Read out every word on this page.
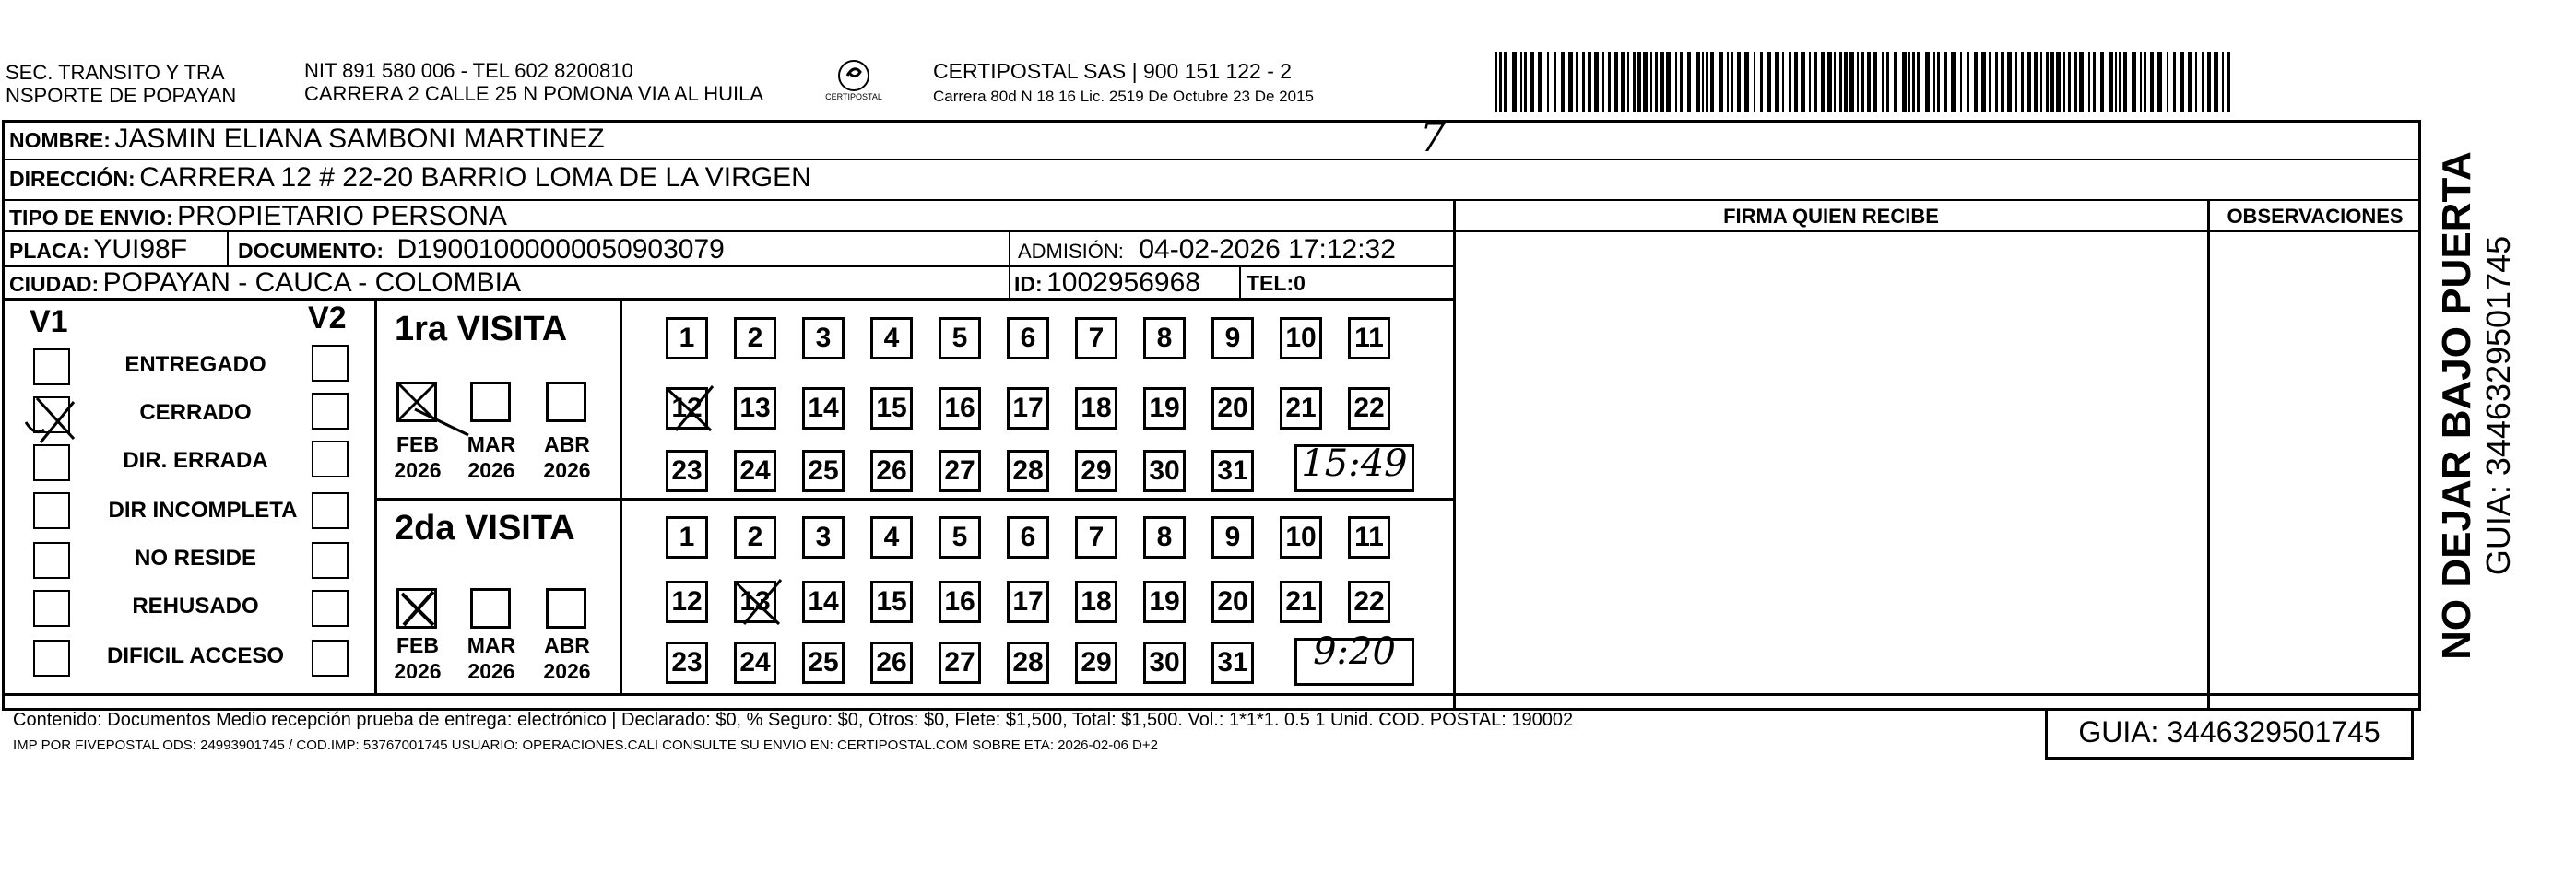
SEC. TRANSITO Y TRA
NSPORTE DE POPAYAN
NIT 891 580 006 - TEL 602 8200810
CARRERA 2 CALLE 25 N POMONA VIA AL HUILA	CERTIPOSTAL
CERTIPOSTAL SAS | 900 151 122 - 2
Carrera 80d N 18 16 Lic. 2519 De Octubre 23 De 2015
NOMBRE: JASMIN ELIANA SAMBONI MARTINEZ	7
DIRECCIÓN: CARRERA 12 # 22-20 BARRIO LOMA DE LA VIRGEN
TIPO DE ENVIO: PROPIETARIO PERSONA	FIRMA QUIEN RECIBE	OBSERVACIONES
PLACA: YUI98F DOCUMENTO: D19001000000050903079	ADMISIÓN: 04-02-2026 17:12:32
CIUDAD: POPAYAN - CAUCA - COLOMBIA	ID: 1002956968 TEL:0
V1	V2
ENTREGADO
CERRADO
DIR. ERRADA
DIR INCOMPLETA
NO RESIDE
REHUSADO
DIFICIL ACCESO
1ra VISITA
FEB
2026
MAR
2026
ABR
2026
1	2	3	4	5	6	7	8	9	10 11
12 13 14 15 16 17 18 19 20 21 22
23 24 25 26 27 28 29 30 31 15:49
2da VISITA
FEB
2026
MAR
2026
ABR
2026
1	2	3	4	5	6	7	8	9	10 11
12 13 14 15 16 17 18 19 20 21 22
23 24 25 26 27 28 29 30 31	9:20
Contenido: Documentos Medio recepción prueba de entrega: electrónico | Declarado: $0, % Seguro: $0, Otros: $0, Flete: $1,500, Total: $1,500. Vol.: 1*1*1. 0.5 1 Unid. COD. POSTAL: 190002
IMP POR FIVEPOSTAL ODS: 24993901745 / COD.IMP: 53767001745 USUARIO: OPERACIONES.CALI CONSULTE SU ENVIO EN: CERTIPOSTAL.COM SOBRE ETA: 2026-02-06 D+2	GUIA: 3446329501745
NO DEJAR BAJO PUERTA GUIA: 3446329501745
